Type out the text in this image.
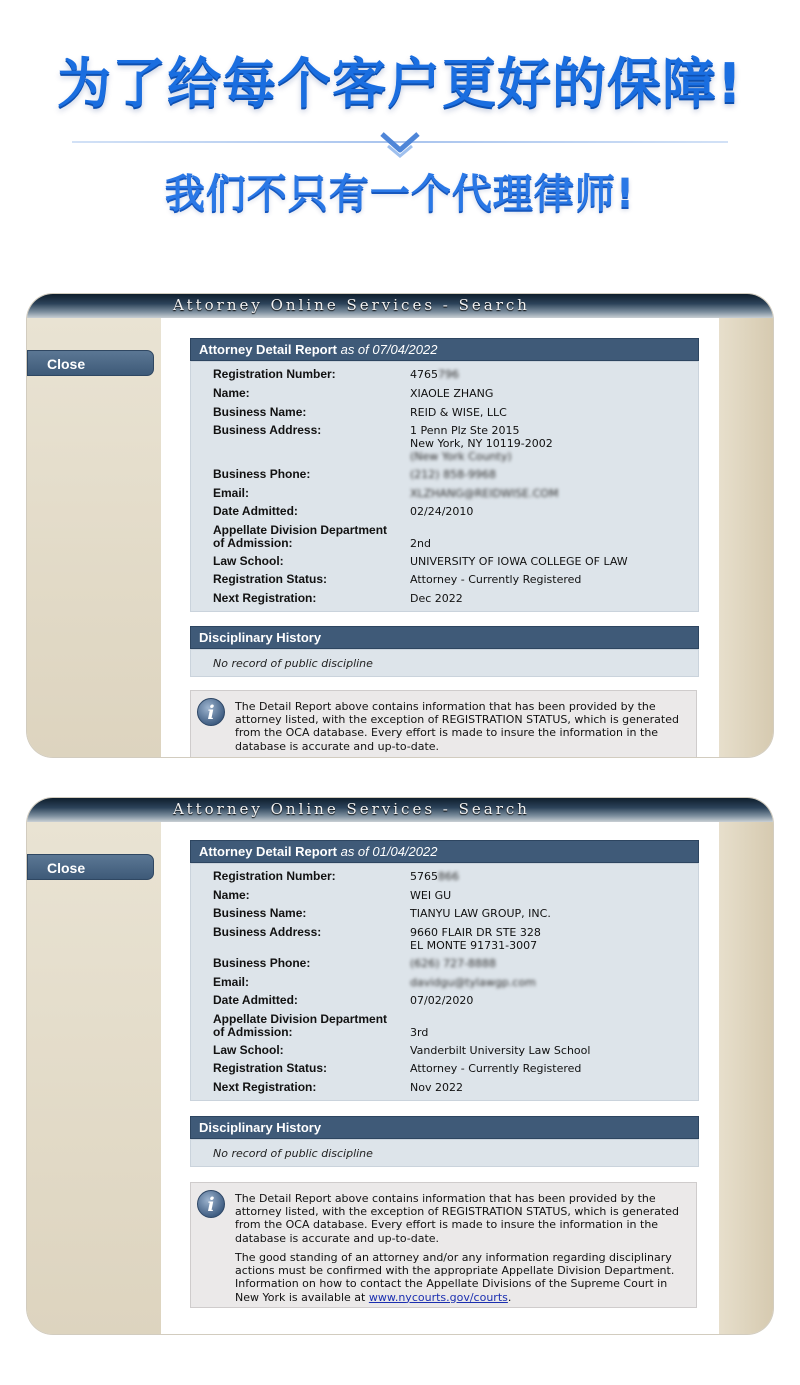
为了给每个客户更好的保障!
我们不只有一个代理律师!
Attorney Online Services - Search
Close
Attorney Detail Report as of 07/04/2022
Registration Number:	4765796
Name:	XIAOLE ZHANG
Business Name:	REID & WISE, LLC
Business Address:	1 Penn Plz Ste 2015
New York, NY 10119-2002
(New York County)
Business Phone:	(212) 858-9968
Email:	XLZHANG@REIDWISE.COM
Date Admitted:	02/24/2010
Appellate Division Department
of Admission:	2nd
Law School:	UNIVERSITY OF IOWA COLLEGE OF LAW
Registration Status:	Attorney - Currently Registered
Next Registration:	Dec 2022
Disciplinary History
No record of public discipline
i The Detail Report above contains information that has been provided by the attorney listed, with the exception of REGISTRATION STATUS, which is generated from the OCA database. Every effort is made to insure the information in the database is accurate and up-to-date.
Attorney Online Services - Search
Close
Attorney Detail Report as of 01/04/2022
Registration Number:	5765866
Name:	WEI GU
Business Name:	TIANYU LAW GROUP, INC.
Business Address:	9660 FLAIR DR STE 328
EL MONTE 91731-3007
Business Phone:	(626) 727-8888
Email:	davidgu@tylawgp.com
Date Admitted:	07/02/2020
Appellate Division Department
of Admission:	3rd
Law School:	Vanderbilt University Law School
Registration Status:	Attorney - Currently Registered
Next Registration:	Nov 2022
Disciplinary History
No record of public discipline
i The Detail Report above contains information that has been provided by the attorney listed, with the exception of REGISTRATION STATUS, which is generated from the OCA database. Every effort is made to insure the information in the database is accurate and up-to-date.
The good standing of an attorney and/or any information regarding disciplinary actions must be confirmed with the appropriate Appellate Division Department. Information on how to contact the Appellate Divisions of the Supreme Court in New York is available at www.nycourts.gov/courts.
